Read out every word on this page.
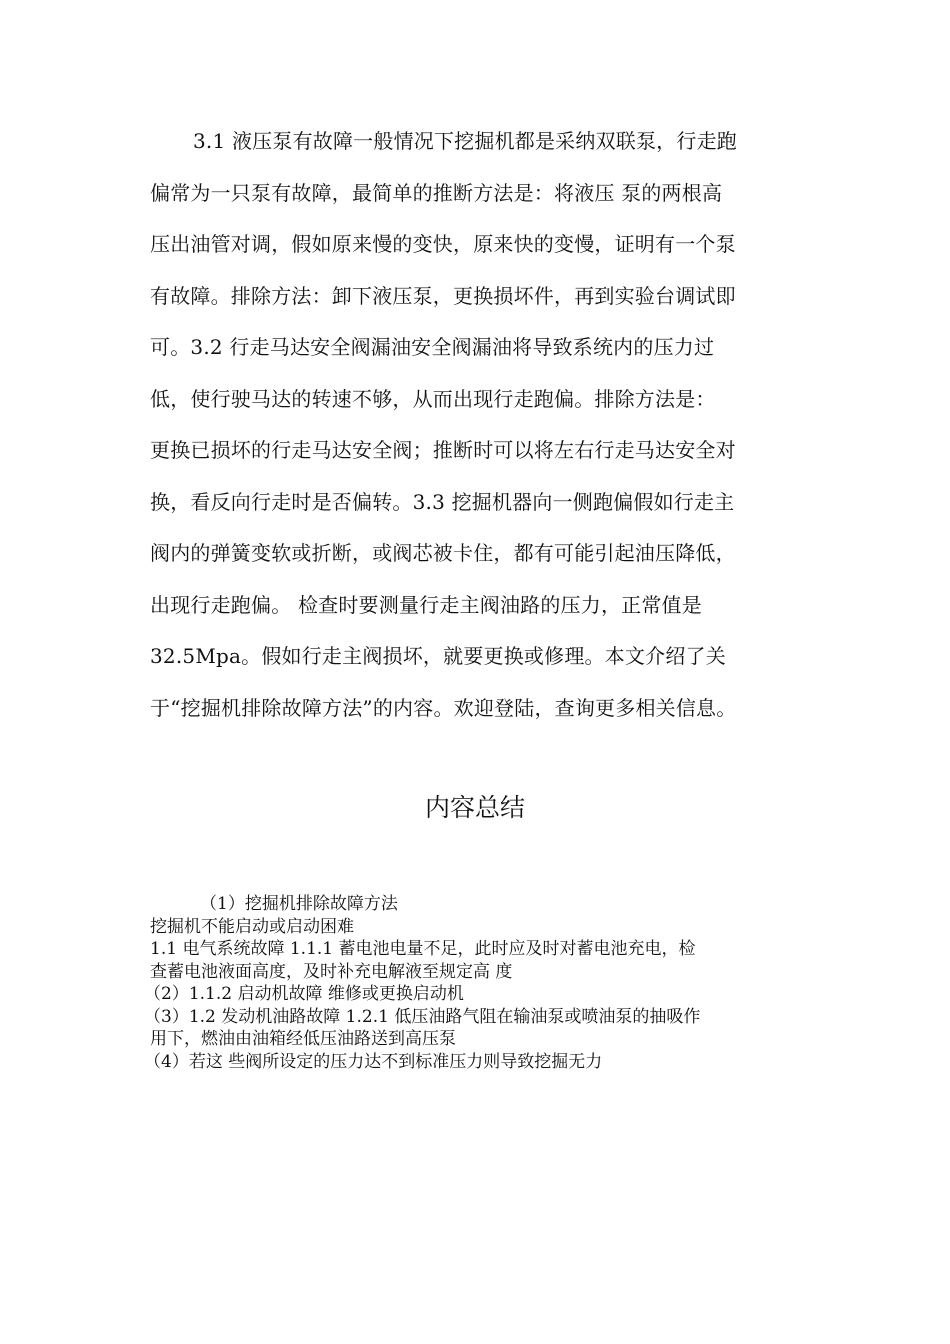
3.1 液压泵有故障一般情况下挖掘机都是采纳双联泵，行走跑
偏常为一只泵有故障，最简单的推断方法是：将液压 泵的两根高
压出油管对调，假如原来慢的变快，原来快的变慢，证明有一个泵
有故障。排除方法：卸下液压泵，更换损坏件，再到实验台调试即
可。3.2 行走马达安全阀漏油安全阀漏油将导致系统内的压力过
低，使行驶马达的转速不够，从而出现行走跑偏。排除方法是：
更换已损坏的行走马达安全阀；推断时可以将左右行走马达安全对
换，看反向行走时是否偏转。3.3 挖掘机器向一侧跑偏假如行走主
阀内的弹簧变软或折断，或阀芯被卡住，都有可能引起油压降低，
出现行走跑偏。 检查时要测量行走主阀油路的压力，正常值是
32.5Mpa。假如行走主阀损坏，就要更换或修理。本文介绍了关
于“挖掘机排除故障方法”的内容。欢迎登陆，查询更多相关信息。
内容总结
（1）挖掘机排除故障方法
挖掘机不能启动或启动困难
1.1 电气系统故障 1.1.1 蓄电池电量不足，此时应及时对蓄电池充电，检
查蓄电池液面高度，及时补充电解液至规定高 度
（2）1.1.2 启动机故障 维修或更换启动机
（3）1.2 发动机油路故障 1.2.1 低压油路气阻在输油泵或喷油泵的抽吸作
用下，燃油由油箱经低压油路送到高压泵
（4）若这 些阀所设定的压力达不到标准压力则导致挖掘无力
